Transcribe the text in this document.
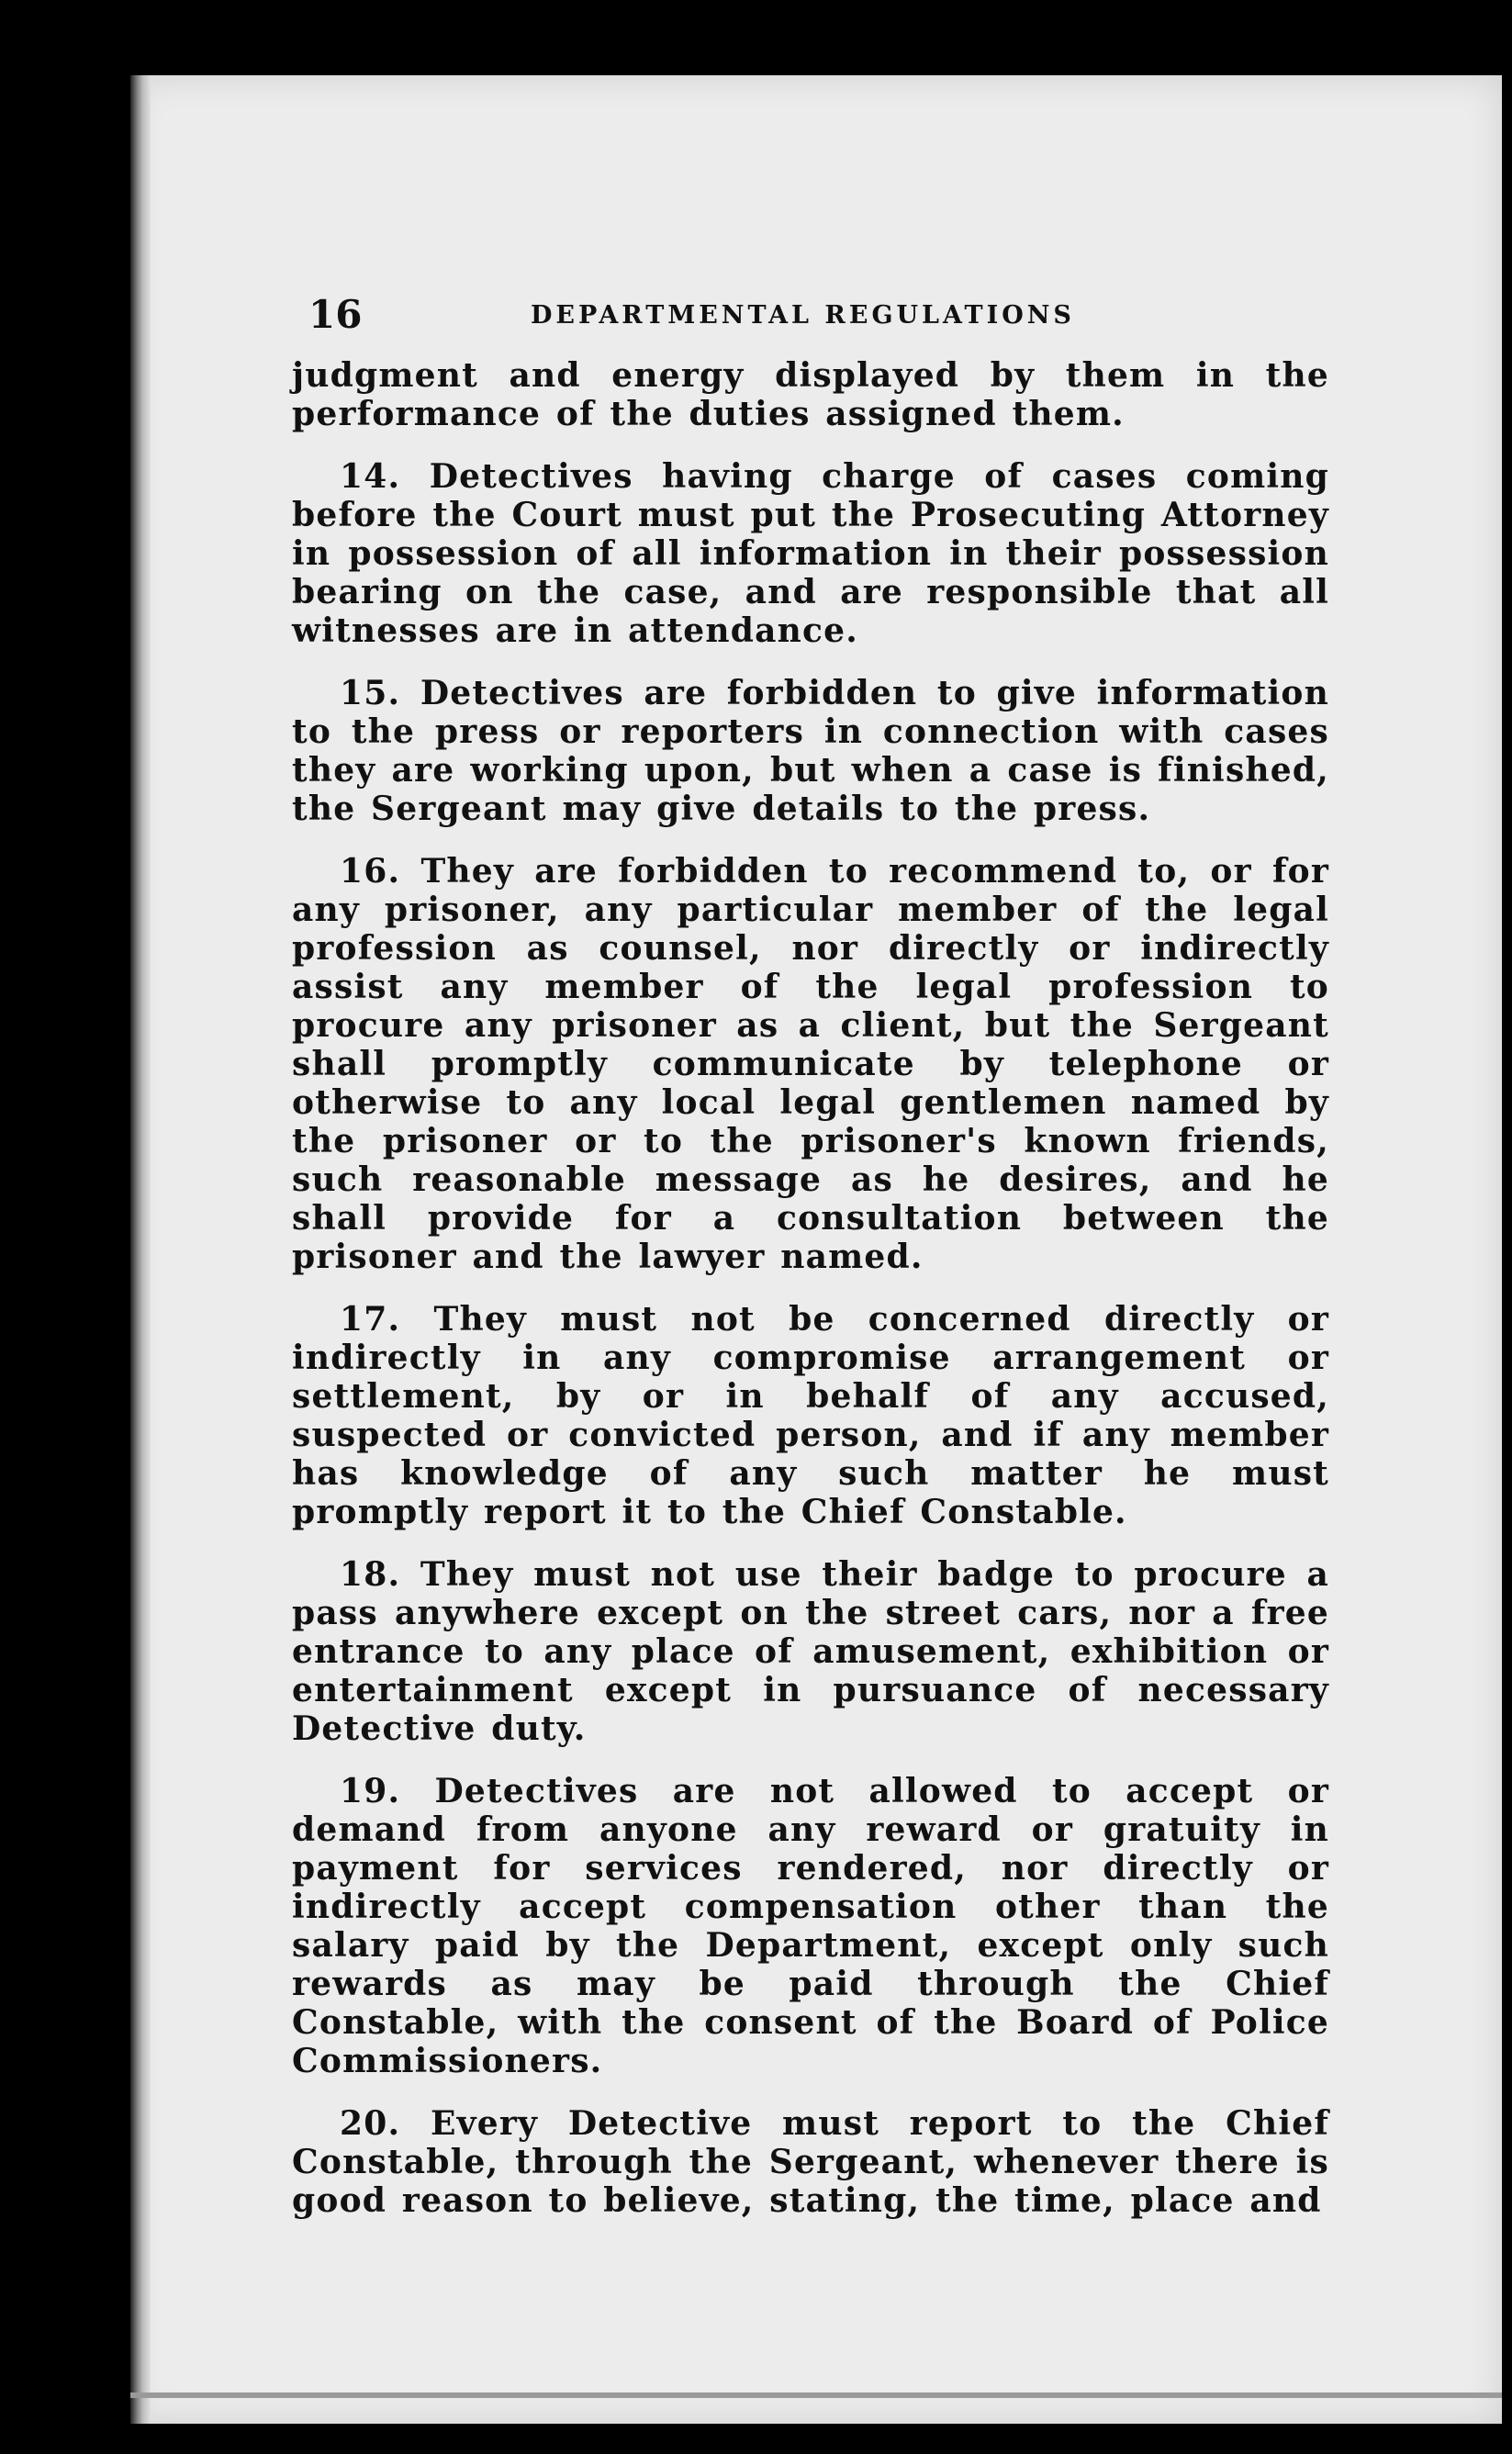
16	DEPARTMENTAL REGULATIONS

judgment and energy displayed by them in the performance of the duties assigned them.

14. Detectives having charge of cases coming before the Court must put the Prosecuting Attorney in possession of all information in their possession bearing on the case, and are responsible that all witnesses are in attendance.

15. Detectives are forbidden to give information to the press or reporters in connection with cases they are working upon, but when a case is finished, the Sergeant may give details to the press.

16. They are forbidden to recommend to, or for any prisoner, any particular member of the legal profession as counsel, nor directly or indirectly assist any member of the legal profession to procure any prisoner as a client, but the Sergeant shall promptly communicate by telephone or otherwise to any local legal gentlemen named by the prisoner or to the prisoner's known friends, such reasonable message as he desires, and he shall provide for a consultation between the prisoner and the lawyer named.

17. They must not be concerned directly or indirectly in any compromise arrangement or settlement, by or in behalf of any accused, suspected or convicted person, and if any member has knowledge of any such matter he must promptly report it to the Chief Constable.

18. They must not use their badge to procure a pass anywhere except on the street cars, nor a free entrance to any place of amusement, exhibition or entertainment except in pursuance of necessary Detective duty.

19. Detectives are not allowed to accept or demand from anyone any reward or gratuity in payment for services rendered, nor directly or indirectly accept compensation other than the salary paid by the Department, except only such rewards as may be paid through the Chief Constable, with the consent of the Board of Police Commissioners.

20. Every Detective must report to the Chief Constable, through the Sergeant, whenever there is good reason to believe, stating, the time, place and
